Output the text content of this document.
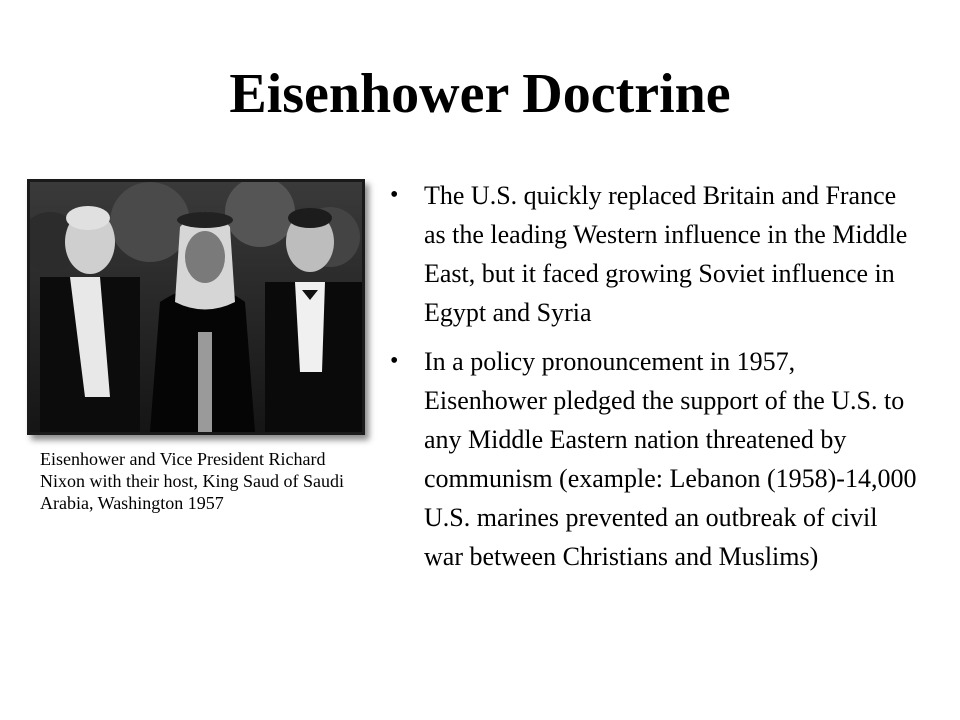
Eisenhower Doctrine
Eisenhower and Vice President Richard Nixon with their host, King Saud of Saudi Arabia, Washington 1957
• The U.S. quickly replaced Britain and France as the leading Western influence in the Middle East, but it faced growing Soviet influence in Egypt and Syria
• In a policy pronouncement in 1957, Eisenhower pledged the support of the U.S. to any Middle Eastern nation threatened by communism (example: Lebanon (1958)-14,000 U.S. marines prevented an outbreak of civil war between Christians and Muslims)
